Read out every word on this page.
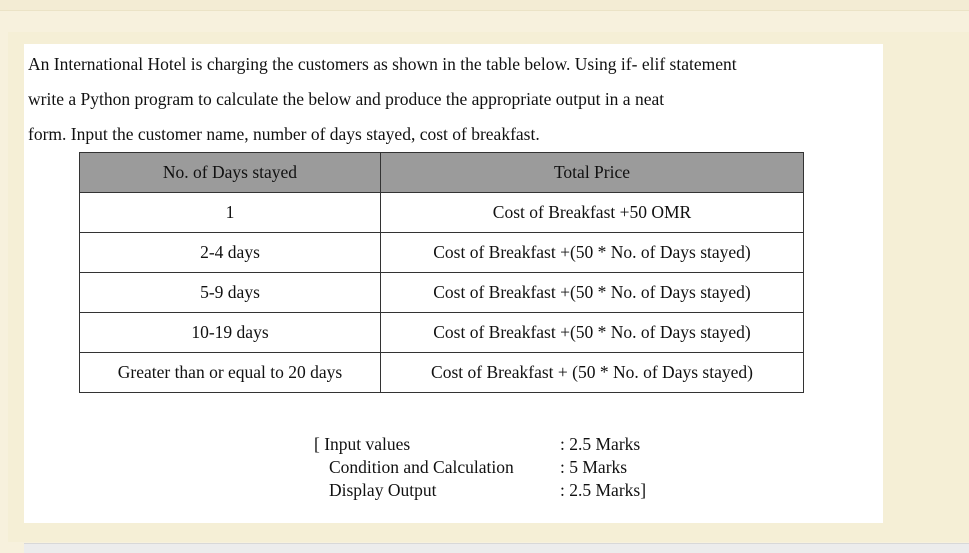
An International Hotel is charging the customers as shown in the table below. Using if- elif statement
write a Python program to calculate the below and produce the appropriate output in a neat
form. Input the customer name, number of days stayed, cost of breakfast.

No. of Days stayed	Total Price
1	Cost of Breakfast +50 OMR
2-4 days	Cost of Breakfast +(50 * No. of Days stayed)
5-9 days	Cost of Breakfast +(50 * No. of Days stayed)
10-19 days	Cost of Breakfast +(50 * No. of Days stayed)
Greater than or equal to 20 days	Cost of Breakfast + (50 * No. of Days stayed)
[ Input values	: 2.5 Marks
Condition and Calculation	: 5 Marks
Display Output	: 2.5 Marks]
